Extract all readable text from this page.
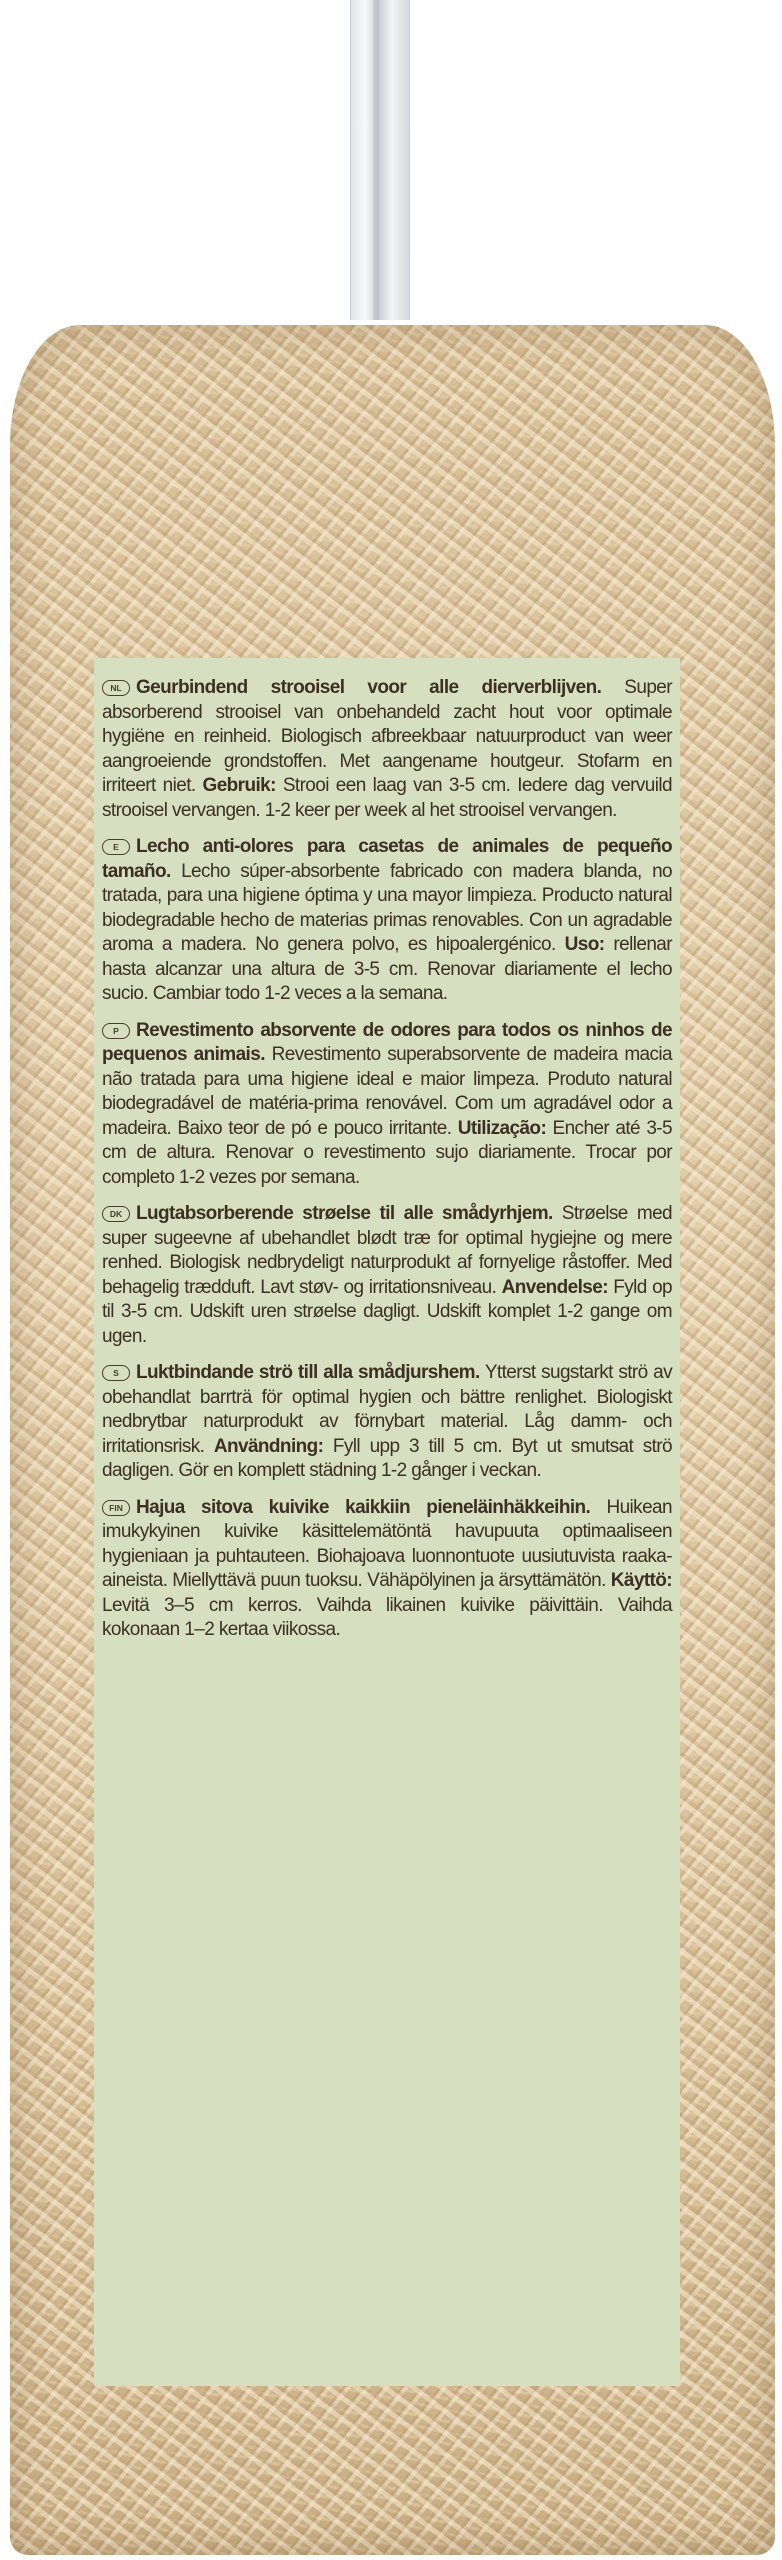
NL Geurbindend strooisel voor alle dierverblijven. Super absorberend strooisel van onbehandeld zacht hout voor optimale hygiëne en reinheid. Biologisch afbreekbaar natuurproduct van weer aangroeiende grondstoffen. Met aangename houtgeur. Stofarm en irriteert niet. Gebruik: Strooi een laag van 3-5 cm. Iedere dag vervuild strooisel vervangen. 1-2 keer per week al het strooisel vervangen.
E Lecho anti-olores para casetas de animales de pequeño tamaño. Lecho súper-absorbente fabricado con madera blanda, no tratada, para una higiene óptima y una mayor limpieza. Producto natural biodegradable hecho de materias primas renovables. Con un agradable aroma a madera. No genera polvo, es hipoalergénico. Uso: rellenar hasta alcanzar una altura de 3-5 cm. Renovar diariamente el lecho sucio. Cambiar todo 1-2 veces a la semana.
P Revestimento absorvente de odores para todos os ninhos de pequenos animais. Revestimento superabsorvente de madeira macia não tratada para uma higiene ideal e maior limpeza. Produto natural biodegradável de matéria-prima renovável. Com um agradável odor a madeira. Baixo teor de pó e pouco irritante. Utilização: Encher até 3-5 cm de altura. Renovar o revestimento sujo diariamente. Trocar por completo 1-2 vezes por semana.
DK Lugtabsorberende strøelse til alle smådyrhjem. Strøelse med super sugeevne af ubehandlet blødt træ for optimal hygiejne og mere renhed. Biologisk nedbrydeligt naturprodukt af fornyelige råstoffer. Med behagelig trædduft. Lavt støv- og irritationsniveau. Anvendelse: Fyld op til 3-5 cm. Udskift uren strøelse dagligt. Udskift komplet 1-2 gange om ugen.
S Luktbindande strö till alla smådjurshem. Ytterst sugstarkt strö av obehandlat barrträ för optimal hygien och bättre renlighet. Biologiskt nedbrytbar naturprodukt av förnybart material. Låg damm- och irritationsrisk. Användning: Fyll upp 3 till 5 cm. Byt ut smutsat strö dagligen. Gör en komplett städning 1-2 gånger i veckan.
FIN Hajua sitova kuivike kaikkiin pieneläinhäkkeihin. Huikean imukykyinen kuivike käsittelemätöntä havupuuta optimaaliseen hygieniaan ja puhtauteen. Biohajoava luonnontuote uusiutuvista raaka-aineista. Miellyttävä puun tuoksu. Vähäpölyinen ja ärsyttämätön. Käyttö: Levitä 3–5 cm kerros. Vaihda likainen kuivike päivittäin. Vaihda kokonaan 1–2 kertaa viikossa.
